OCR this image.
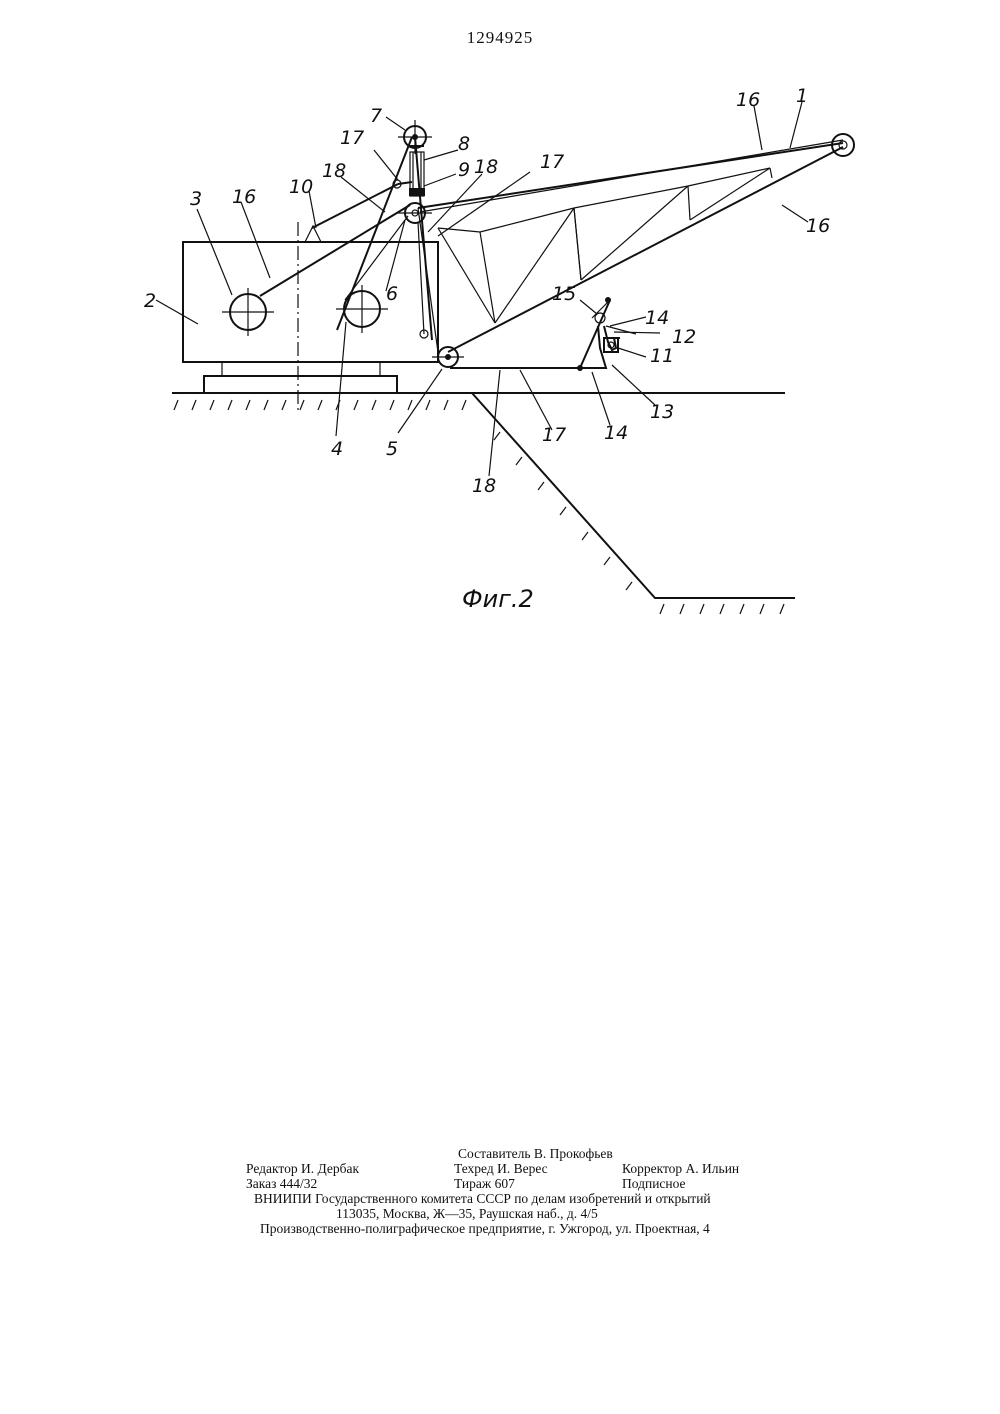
1294925
1
2
3
4 5
6
7
8
9
10
11
12
13
14
14
15
16
16
16
17
17
17
18	18
18
Фиг.2
Составитель В. Прокофьев
Редактор И. Дербак	Техред И. Верес	Корректор А. Ильин
Заказ 444/32	Тираж 607	Подписное
ВНИИПИ Государственного комитета СССР по делам изобретений и открытий
113035, Москва, Ж—35, Раушская наб., д. 4/5
Производственно-полиграфическое предприятие, г. Ужгород, ул. Проектная, 4
